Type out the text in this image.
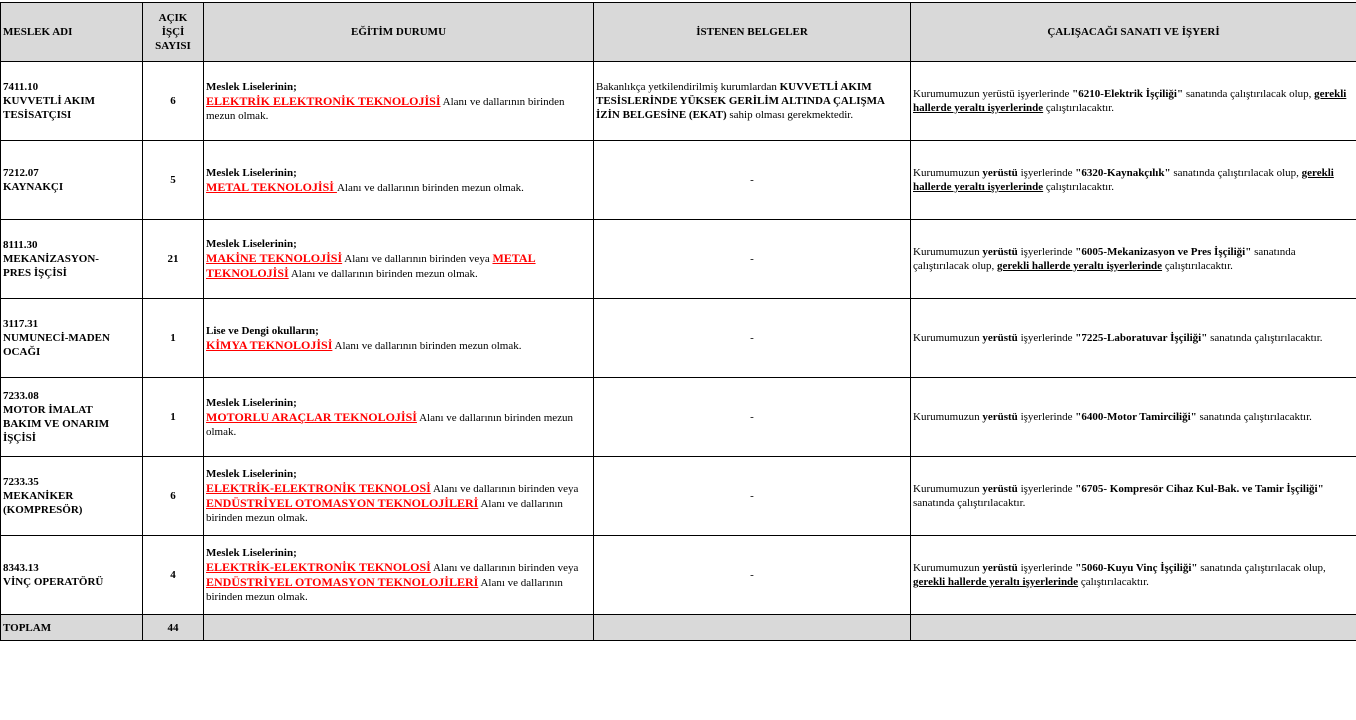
MESLEK ADI	AÇIK
İŞÇİ
SAYISI	EĞİTİM DURUMU	İSTENEN BELGELER	ÇALIŞACAĞI SANATI VE İŞYERİ

7411.10
KUVVETLİ AKIM
TESİSATÇISI	6	Meslek Liselerinin;
ELEKTRİK ELEKTRONİK TEKNOLOJİSİ Alanı ve dallarının birinden mezun olmak.	Bakanlıkça yetkilendirilmiş kurumlardan KUVVETLİ AKIM TESİSLERİNDE YÜKSEK GERİLİM ALTINDA ÇALIŞMA İZİN BELGESİNE (EKAT) sahip olması gerekmektedir.	Kurumumuzun yerüstü işyerlerinde "6210-Elektrik İşçiliği" sanatında çalıştırılacak olup, gerekli hallerde yeraltı işyerlerinde çalıştırılacaktır.

7212.07
KAYNAKÇI	5	Meslek Liselerinin;
METAL TEKNOLOJİSİ Alanı ve dallarının birinden mezun olmak.	-	Kurumumuzun yerüstü işyerlerinde "6320-Kaynakçılık" sanatında çalıştırılacak olup, gerekli hallerde yeraltı işyerlerinde çalıştırılacaktır.

8111.30
MEKANİZASYON-
PRES İŞÇİSİ	21	Meslek Liselerinin;
MAKİNE TEKNOLOJİSİ Alanı ve dallarının birinden veya METAL TEKNOLOJİSİ Alanı ve dallarının birinden mezun olmak.	-	Kurumumuzun yerüstü işyerlerinde "6005-Mekanizasyon ve Pres İşçiliği" sanatında çalıştırılacak olup, gerekli hallerde yeraltı işyerlerinde çalıştırılacaktır.

3117.31
NUMUNECİ-MADEN
OCAĞI	1	Lise ve Dengi okulların;
KİMYA TEKNOLOJİSİ Alanı ve dallarının birinden mezun olmak.	-	Kurumumuzun yerüstü işyerlerinde "7225-Laboratuvar İşçiliği" sanatında çalıştırılacaktır.

7233.08
MOTOR İMALAT
BAKIM VE ONARIM
İŞÇİSİ	1	Meslek Liselerinin;
MOTORLU ARAÇLAR TEKNOLOJİSİ Alanı ve dallarının birinden mezun olmak.	-	Kurumumuzun yerüstü işyerlerinde "6400-Motor Tamirciliği" sanatında çalıştırılacaktır.

7233.35
MEKANİKER
(KOMPRESÖR)	6	Meslek Liselerinin;
ELEKTRİK-ELEKTRONİK TEKNOLOSİ Alanı ve dallarının birinden veya ENDÜSTRİYEL OTOMASYON TEKNOLOJİLERİ Alanı ve dallarının birinden mezun olmak.	-	Kurumumuzun yerüstü işyerlerinde "6705- Kompresör Cihaz Kul-Bak. ve Tamir İşçiliği" sanatında çalıştırılacaktır.

8343.13
VİNÇ OPERATÖRÜ	4	Meslek Liselerinin;
ELEKTRİK-ELEKTRONİK TEKNOLOSİ Alanı ve dallarının birinden veya ENDÜSTRİYEL OTOMASYON TEKNOLOJİLERİ Alanı ve dallarının birinden mezun olmak.	-	Kurumumuzun yerüstü işyerlerinde "5060-Kuyu Vinç İşçiliği" sanatında çalıştırılacak olup, gerekli hallerde yeraltı işyerlerinde çalıştırılacaktır.
TOPLAM	44			
